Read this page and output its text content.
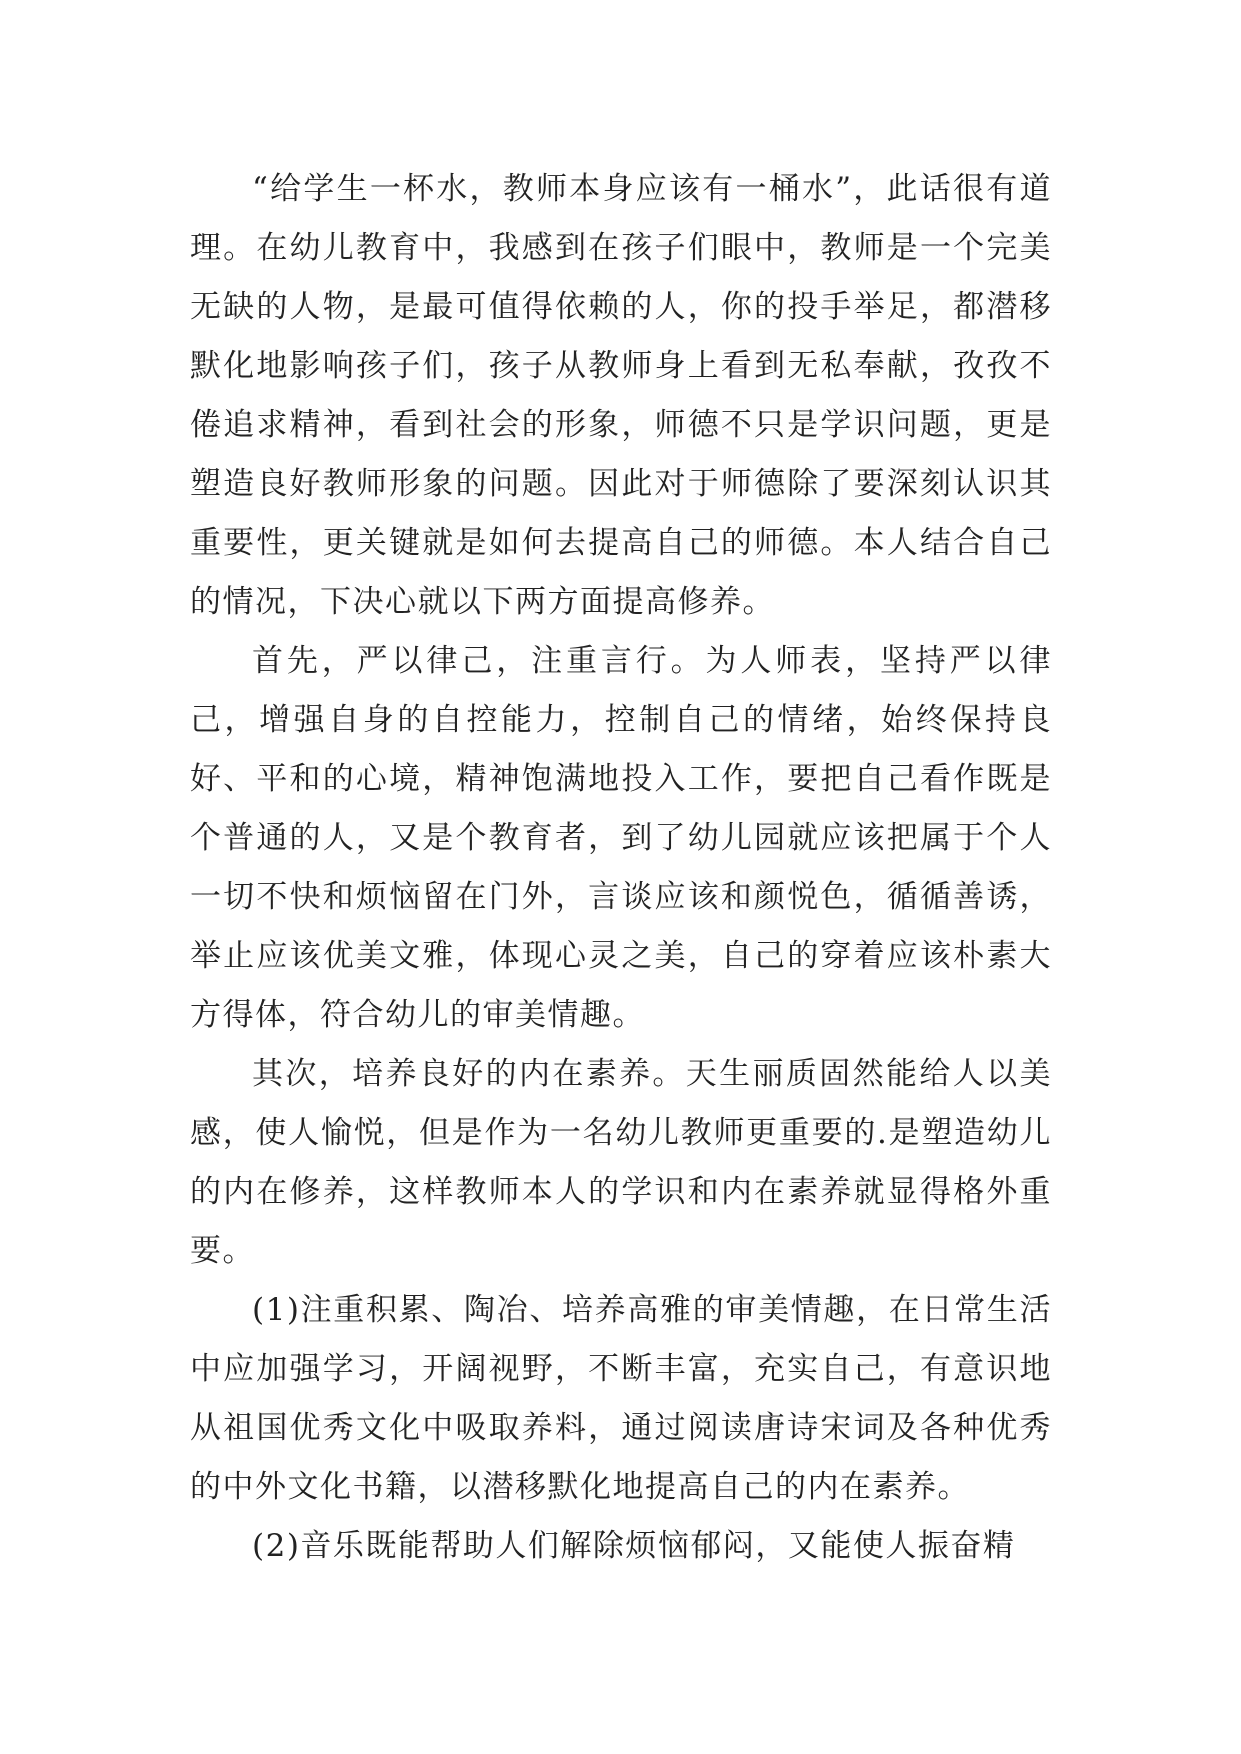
“给学生一杯水，教师本身应该有一桶水”，此话很有道理。在幼儿教育中，我感到在孩子们眼中，教师是一个完美无缺的人物，是最可值得依赖的人，你的投手举足，都潜移默化地影响孩子们，孩子从教师身上看到无私奉献，孜孜不倦追求精神，看到社会的形象，师德不只是学识问题，更是塑造良好教师形象的问题。因此对于师德除了要深刻认识其重要性，更关键就是如何去提高自己的师德。本人结合自己的情况，下决心就以下两方面提高修养。

首先，严以律己，注重言行。为人师表，坚持严以律己，增强自身的自控能力，控制自己的情绪，始终保持良好、平和的心境，精神饱满地投入工作，要把自己看作既是个普通的人，又是个教育者，到了幼儿园就应该把属于个人一切不快和烦恼留在门外，言谈应该和颜悦色，循循善诱，举止应该优美文雅，体现心灵之美，自己的穿着应该朴素大方得体，符合幼儿的审美情趣。

其次，培养良好的内在素养。天生丽质固然能给人以美感，使人愉悦，但是作为一名幼儿教师更重要的.是塑造幼儿的内在修养，这样教师本人的学识和内在素养就显得格外重要。

(1)注重积累、陶冶、培养高雅的审美情趣，在日常生活中应加强学习，开阔视野，不断丰富，充实自己，有意识地从祖国优秀文化中吸取养料，通过阅读唐诗宋词及各种优秀的中外文化书籍，以潜移默化地提高自己的内在素养。

(2)音乐既能帮助人们解除烦恼郁闷，又能使人振奋精
